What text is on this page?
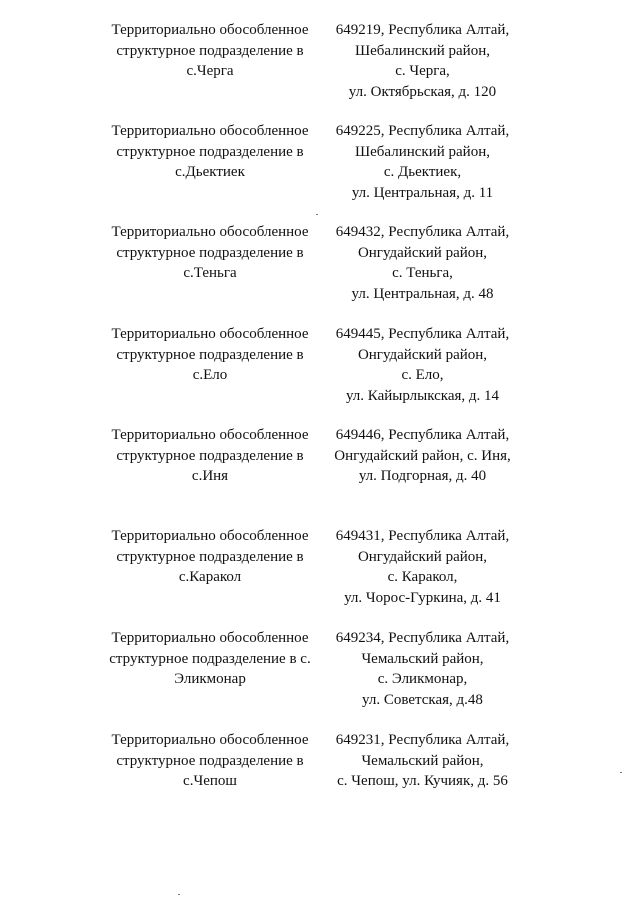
Территориально обособленное
структурное подразделение в
с.Черга
649219, Республика Алтай,
Шебалинский район,
с. Черга,
ул. Октябрьская, д. 120
Территориально обособленное
структурное подразделение в
с.Дьектиек
649225, Республика Алтай,
Шебалинский район,
с. Дьектиек,
ул. Центральная, д. 11
Территориально обособленное
структурное подразделение в
с.Теньга
649432, Республика Алтай,
Онгудайский район,
с. Теньга,
ул. Центральная, д. 48
Территориально обособленное
структурное подразделение в
с.Ело
649445, Республика Алтай,
Онгудайский район,
с. Ело,
ул. Кайырлыкская, д. 14
Территориально обособленное
структурное подразделение в
с.Иня
649446, Республика Алтай,
Онгудайский район, с. Иня,
ул. Подгорная, д. 40
Территориально обособленное
структурное подразделение в
с.Каракол
649431, Республика Алтай,
Онгудайский район,
с. Каракол,
ул. Чорос-Гуркина, д. 41
Территориально обособленное
структурное подразделение в с.
Эликмонар
649234, Республика Алтай,
Чемальский район,
с. Эликмонар,
ул. Советская, д.48
Территориально обособленное
структурное подразделение в
с.Чепош
649231, Республика Алтай,
Чемальский район,
с. Чепош, ул. Кучияк, д. 56
